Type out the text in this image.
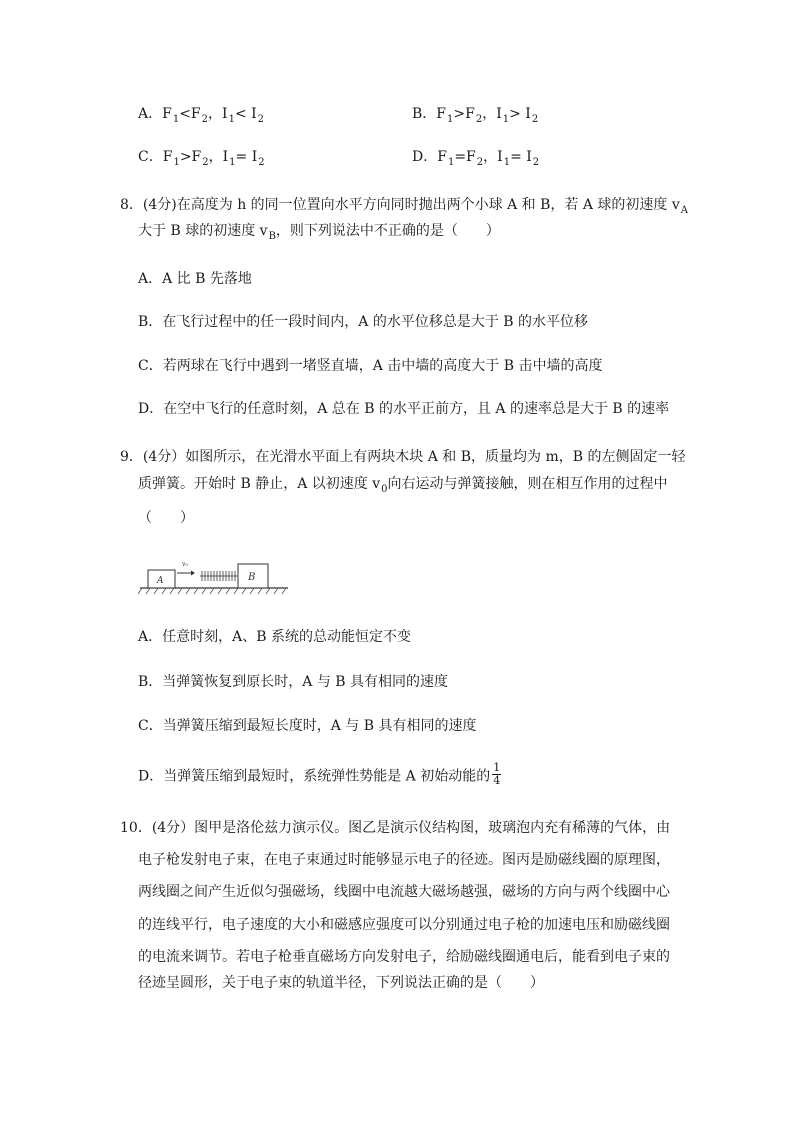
A．$F_1<F_2$，$I_1< I_2$	B．$F_1>F_2$，$I_1> I_2$
C．$F_1>F_2$，$I_1= I_2$	D．$F_1=F_2$，$I_1= I_2$
8．(4分)在高度为 h 的同一位置向水平方向同时抛出两个小球 A 和 B，若 A 球的初速度 $v_A$
大于 B 球的初速度 $v_B$，则下列说法中不正确的是（　　）
A．A 比 B 先落地
B．在飞行过程中的任一段时间内，A 的水平位移总是大于 B 的水平位移
C．若两球在飞行中遇到一堵竖直墙，A 击中墙的高度大于 B 击中墙的高度
D．在空中飞行的任意时刻，A 总在 B 的水平正前方，且 A 的速率总是大于 B 的速率
9．(4分）如图所示，在光滑水平面上有两块木块 A 和 B，质量均为 m，B 的左侧固定一轻
质弹簧。开始时 B 静止，A 以初速度 $v_0$向右运动与弹簧接触，则在相互作用的过程中
（　　）
A
v₀
B
A．任意时刻，A、B 系统的总动能恒定不变
B．当弹簧恢复到原长时，A 与 B 具有相同的速度
C．当弹簧压缩到最短长度时，A 与 B 具有相同的速度
D．当弹簧压缩到最短时，系统弹性势能是 A 初始动能的 $\frac{1}{4}$
10．(4分）图甲是洛伦兹力演示仪。图乙是演示仪结构图，玻璃泡内充有稀薄的气体，由
电子枪发射电子束，在电子束通过时能够显示电子的径迹。图丙是励磁线圈的原理图，
两线圈之间产生近似匀强磁场，线圈中电流越大磁场越强，磁场的方向与两个线圈中心
的连线平行，电子速度的大小和磁感应强度可以分别通过电子枪的加速电压和励磁线圈
的电流来调节。若电子枪垂直磁场方向发射电子，给励磁线圈通电后，能看到电子束的
径迹呈圆形，关于电子束的轨道半径，下列说法正确的是（　　）
